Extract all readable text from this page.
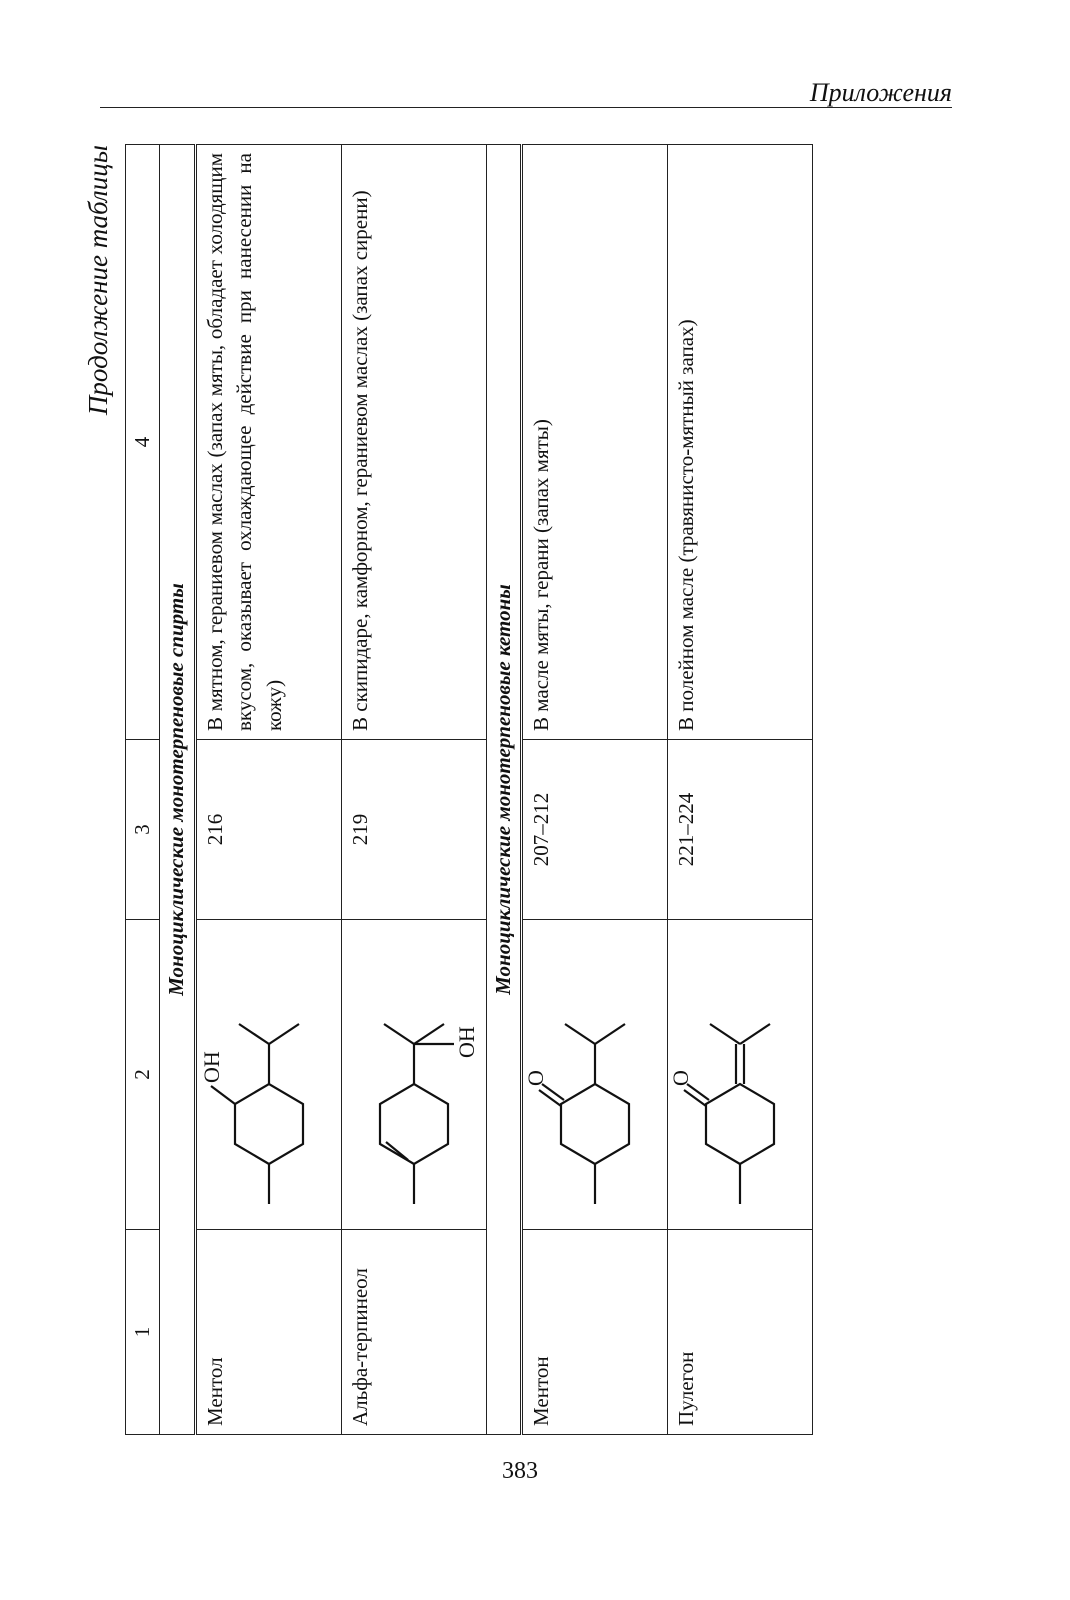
Приложения
Продолжение таблицы
1	2	3	4
Моноциклические монотерпеновые спирты			
Ментол	OH	216	В мятном, гераниевом маслах (запах мяты, обладает холодящим вкусом, оказывает охлаждающее действие при нанесении на кожу)
Альфа-терпинеол	OH	219	В скипидаре, камфорном, гераниевом маслах (запах сирени)
Моноциклические монотерпеновые кетоны			
Ментон	O	207–212	В масле мяты, герани (запах мяты)
Пулегон	O	221–224	В полейном масле (травянисто-мятный запах)
383
